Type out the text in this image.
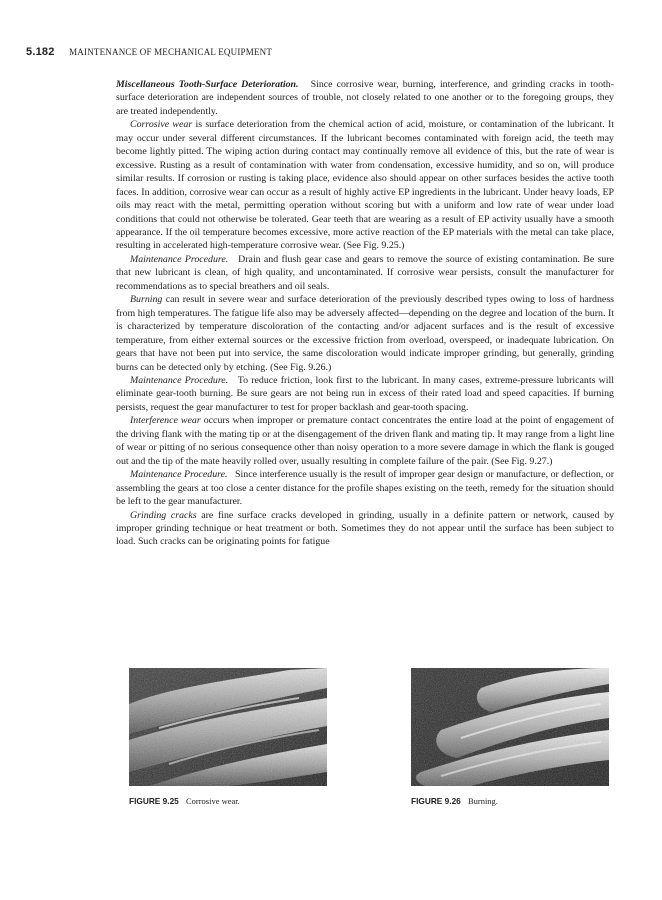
5.182 MAINTENANCE OF MECHANICAL EQUIPMENT

Miscellaneous Tooth-Surface Deterioration. Since corrosive wear, burning, interference, and grinding cracks in tooth-surface deterioration are independent sources of trouble, not closely related to one another or to the foregoing groups, they are treated independently.

Corrosive wear is surface deterioration from the chemical action of acid, moisture, or contamination of the lubricant. It may occur under several different circumstances. If the lubricant becomes contaminated with foreign acid, the teeth may become lightly pitted. The wiping action during contact may continually remove all evidence of this, but the rate of wear is excessive. Rusting as a result of contamination with water from condensation, excessive humidity, and so on, will produce similar results. If corrosion or rusting is taking place, evidence also should appear on other surfaces besides the active tooth faces. In addition, corrosive wear can occur as a result of highly active EP ingredients in the lubricant. Under heavy loads, EP oils may react with the metal, permitting operation without scoring but with a uniform and low rate of wear under load conditions that could not otherwise be tolerated. Gear teeth that are wearing as a result of EP activity usually have a smooth appearance. If the oil temperature becomes excessive, more active reaction of the EP materials with the metal can take place, resulting in accelerated high-temperature corrosive wear. (See Fig. 9.25.)

Maintenance Procedure. Drain and flush gear case and gears to remove the source of existing contamination. Be sure that new lubricant is clean, of high quality, and uncontaminated. If corrosive wear persists, consult the manufacturer for recommendations as to special breathers and oil seals.

Burning can result in severe wear and surface deterioration of the previously described types owing to loss of hardness from high temperatures. The fatigue life also may be adversely affected—depending on the degree and location of the burn. It is characterized by temperature discoloration of the contacting and/or adjacent surfaces and is the result of excessive temperature, from either external sources or the excessive friction from overload, overspeed, or inadequate lubrication. On gears that have not been put into service, the same discoloration would indicate improper grinding, but generally, grinding burns can be detected only by etching. (See Fig. 9.26.)

Maintenance Procedure. To reduce friction, look first to the lubricant. In many cases, extreme-pressure lubricants will eliminate gear-tooth burning. Be sure gears are not being run in excess of their rated load and speed capacities. If burning persists, request the gear manufacturer to test for proper backlash and gear-tooth spacing.

Interference wear occurs when improper or premature contact concentrates the entire load at the point of engagement of the driving flank with the mating tip or at the disengagement of the driven flank and mating tip. It may range from a light line of wear or pitting of no serious consequence other than noisy operation to a more severe damage in which the flank is gouged out and the tip of the mate heavily rolled over, usually resulting in complete failure of the pair. (See Fig. 9.27.)

Maintenance Procedure. Since interference usually is the result of improper gear design or manufacture, or deflection, or assembling the gears at too close a center distance for the profile shapes existing on the teeth, remedy for the situation should be left to the gear manufacturer.

Grinding cracks are fine surface cracks developed in grinding, usually in a definite pattern or network, caused by improper grinding technique or heat treatment or both. Sometimes they do not appear until the surface has been subject to load. Such cracks can be originating points for fatigue

FIGURE 9.25 Corrosive wear.	FIGURE 9.26 Burning.
